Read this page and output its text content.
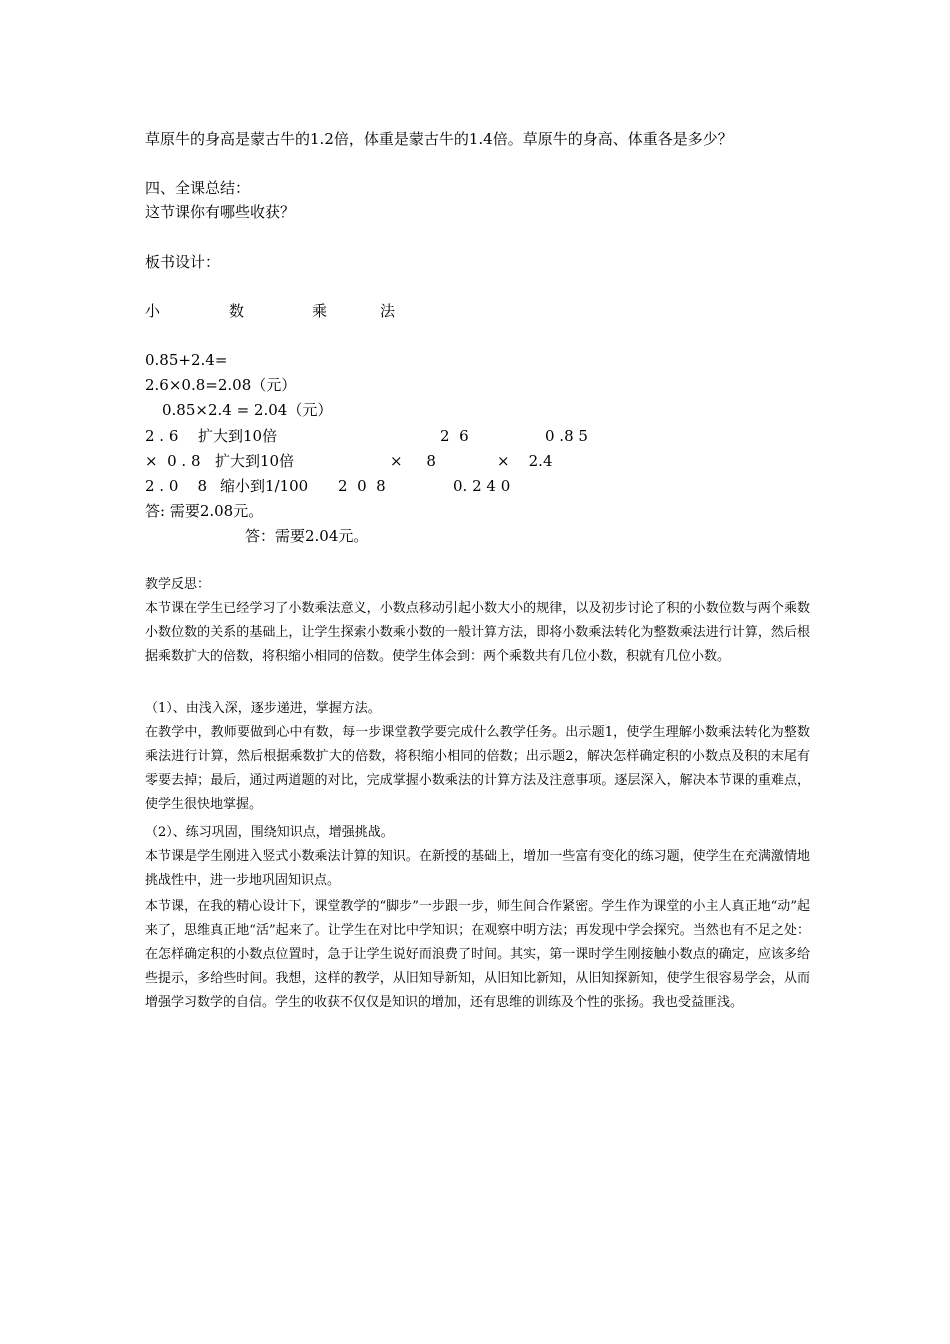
草原牛的身高是蒙古牛的1.2倍，体重是蒙古牛的1.4倍。草原牛的身高、体重各是多少？
四、全课总结：
这节课你有哪些收获？
板书设计：
小	数	乘	法
0.85+2.4=
2.6×0.8=2.08（元）
0.85×2.4 = 2.04（元）
2 . 6 扩大到10倍	2  6	0 .8 5
×  0 . 8 扩大到10倍	×     8	×    2.4
2 . 0    8 缩小到1/100 2  0  8	0. 2 4 0
答: 需要2.08元。
答：需要2.04元。
教学反思：
本节课在学生已经学习了小数乘法意义，小数点移动引起小数大小的规律，以及初步讨论了积的小数位数与两个乘数小数位数的关系的基础上，让学生探索小数乘小数的一般计算方法，即将小数乘法转化为整数乘法进行计算，然后根据乘数扩大的倍数，将积缩小相同的倍数。使学生体会到：两个乘数共有几位小数，积就有几位小数。
（1）、由浅入深，逐步递进，掌握方法。
在教学中，教师要做到心中有数，每一步课堂教学要完成什么教学任务。出示题1，使学生理解小数乘法转化为整数乘法进行计算，然后根据乘数扩大的倍数，将积缩小相同的倍数；出示题2，解决怎样确定积的小数点及积的末尾有零要去掉；最后，通过两道题的对比，完成掌握小数乘法的计算方法及注意事项。逐层深入，解决本节课的重难点，使学生很快地掌握。
（2）、练习巩固，围绕知识点，增强挑战。
本节课是学生刚进入竖式小数乘法计算的知识。在新授的基础上，增加一些富有变化的练习题，使学生在充满激情地挑战性中，进一步地巩固知识点。
本节课，在我的精心设计下，课堂教学的“脚步”一步跟一步，师生间合作紧密。学生作为课堂的小主人真正地“动”起来了，思维真正地“活”起来了。让学生在对比中学知识；在观察中明方法；再发现中学会探究。当然也有不足之处：在怎样确定积的小数点位置时，急于让学生说好而浪费了时间。其实，第一课时学生刚接触小数点的确定，应该多给些提示，多给些时间。我想，这样的教学，从旧知导新知，从旧知比新知，从旧知探新知，使学生很容易学会，从而增强学习数学的自信。学生的收获不仅仅是知识的增加，还有思维的训练及个性的张扬。我也受益匪浅。
